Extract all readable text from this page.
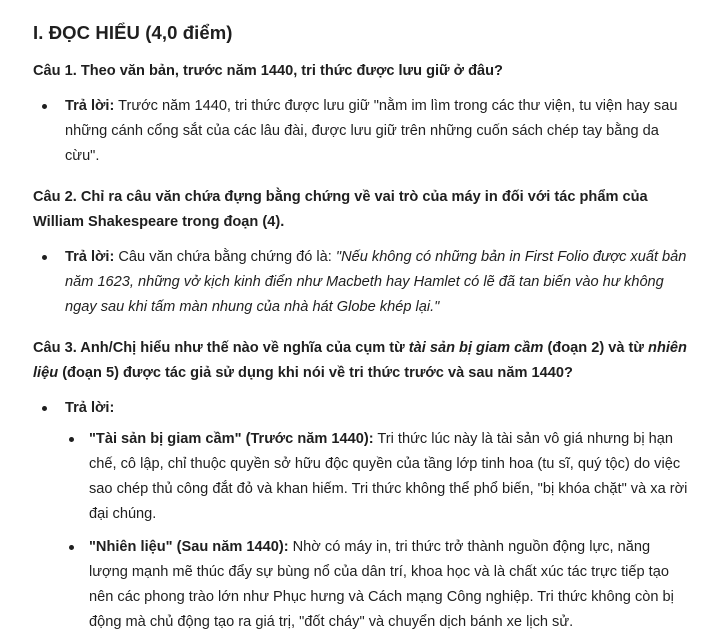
I. ĐỌC HIỂU (4,0 điểm)

Câu 1. Theo văn bản, trước năm 1440, tri thức được lưu giữ ở đâu?

Trả lời: Trước năm 1440, tri thức được lưu giữ "nằm im lìm trong các thư viện, tu viện hay sau những cánh cổng sắt của các lâu đài, được lưu giữ trên những cuốn sách chép tay bằng da cừu".

Câu 2. Chỉ ra câu văn chứa đựng bằng chứng về vai trò của máy in đối với tác phẩm của William Shakespeare trong đoạn (4).

Trả lời: Câu văn chứa bằng chứng đó là: "Nếu không có những bản in First Folio được xuất bản năm 1623, những vở kịch kinh điển như Macbeth hay Hamlet có lẽ đã tan biến vào hư không ngay sau khi tấm màn nhung của nhà hát Globe khép lại."

Câu 3. Anh/Chị hiểu như thế nào về nghĩa của cụm từ tài sản bị giam cầm (đoạn 2) và từ nhiên liệu (đoạn 5) được tác giả sử dụng khi nói về tri thức trước và sau năm 1440?

Trả lời:
"Tài sản bị giam cầm" (Trước năm 1440): Tri thức lúc này là tài sản vô giá nhưng bị hạn chế, cô lập, chỉ thuộc quyền sở hữu độc quyền của tầng lớp tinh hoa (tu sĩ, quý tộc) do việc sao chép thủ công đắt đỏ và khan hiếm. Tri thức không thể phổ biến, "bị khóa chặt" và xa rời đại chúng.
"Nhiên liệu" (Sau năm 1440): Nhờ có máy in, tri thức trở thành nguồn động lực, năng lượng mạnh mẽ thúc đẩy sự bùng nổ của dân trí, khoa học và là chất xúc tác trực tiếp tạo nên các phong trào lớn như Phục hưng và Cách mạng Công nghiệp. Tri thức không còn bị động mà chủ động tạo ra giá trị, "đốt cháy" và chuyển dịch bánh xe lịch sử.
